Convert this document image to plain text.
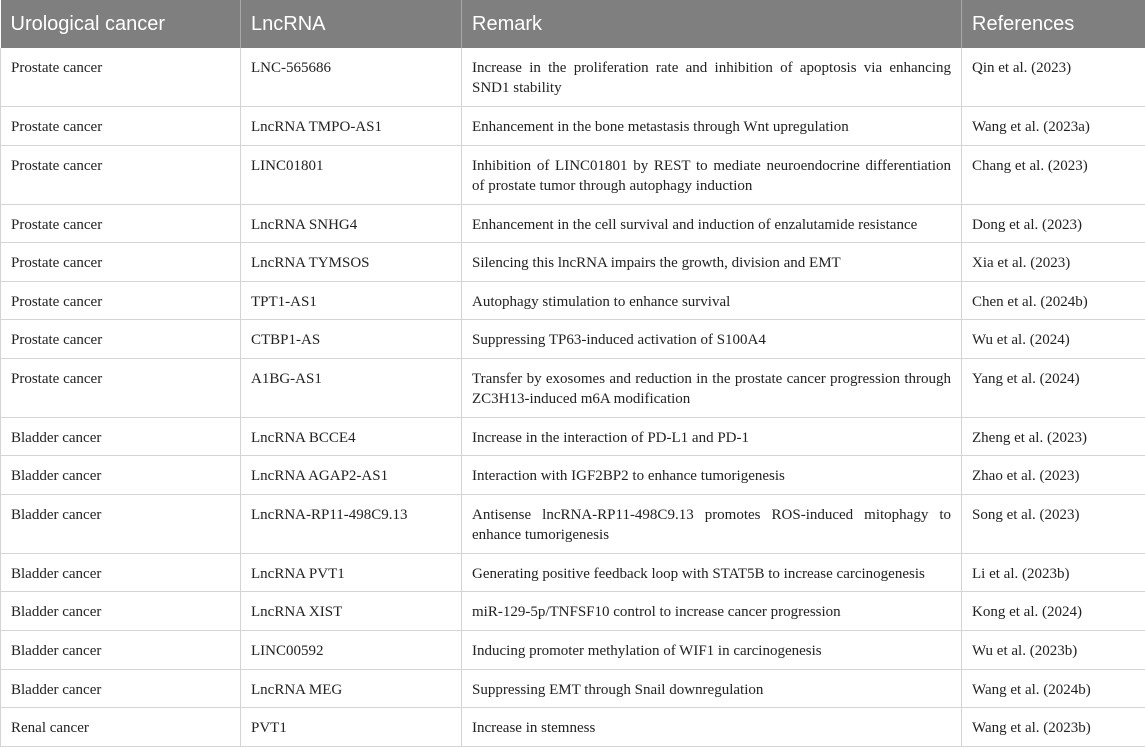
Urological cancer	LncRNA	Remark	References
Prostate cancer	LNC-565686	Increase in the proliferation rate and inhibition of apoptosis via enhancing SND1 stability	Qin et al. (2023)
Prostate cancer	LncRNA TMPO-AS1	Enhancement in the bone metastasis through Wnt upregulation	Wang et al. (2023a)
Prostate cancer	LINC01801	Inhibition of LINC01801 by REST to mediate neuroendocrine differentiation of prostate tumor through autophagy induction	Chang et al. (2023)
Prostate cancer	LncRNA SNHG4	Enhancement in the cell survival and induction of enzalutamide resistance	Dong et al. (2023)
Prostate cancer	LncRNA TYMSOS	Silencing this lncRNA impairs the growth, division and EMT	Xia et al. (2023)
Prostate cancer	TPT1-AS1	Autophagy stimulation to enhance survival	Chen et al. (2024b)
Prostate cancer	CTBP1-AS	Suppressing TP63-induced activation of S100A4	Wu et al. (2024)
Prostate cancer	A1BG-AS1	Transfer by exosomes and reduction in the prostate cancer progression through ZC3H13-induced m6A modification	Yang et al. (2024)
Bladder cancer	LncRNA BCCE4	Increase in the interaction of PD-L1 and PD-1	Zheng et al. (2023)
Bladder cancer	LncRNA AGAP2-AS1	Interaction with IGF2BP2 to enhance tumorigenesis	Zhao et al. (2023)
Bladder cancer	LncRNA-RP11-498C9.13	Antisense lncRNA-RP11-498C9.13 promotes ROS-induced mitophagy to enhance tumorigenesis	Song et al. (2023)
Bladder cancer	LncRNA PVT1	Generating positive feedback loop with STAT5B to increase carcinogenesis	Li et al. (2023b)
Bladder cancer	LncRNA XIST	miR-129-5p/TNFSF10 control to increase cancer progression	Kong et al. (2024)
Bladder cancer	LINC00592	Inducing promoter methylation of WIF1 in carcinogenesis	Wu et al. (2023b)
Bladder cancer	LncRNA MEG	Suppressing EMT through Snail downregulation	Wang et al. (2024b)
Renal cancer	PVT1	Increase in stemness	Wang et al. (2023b)
